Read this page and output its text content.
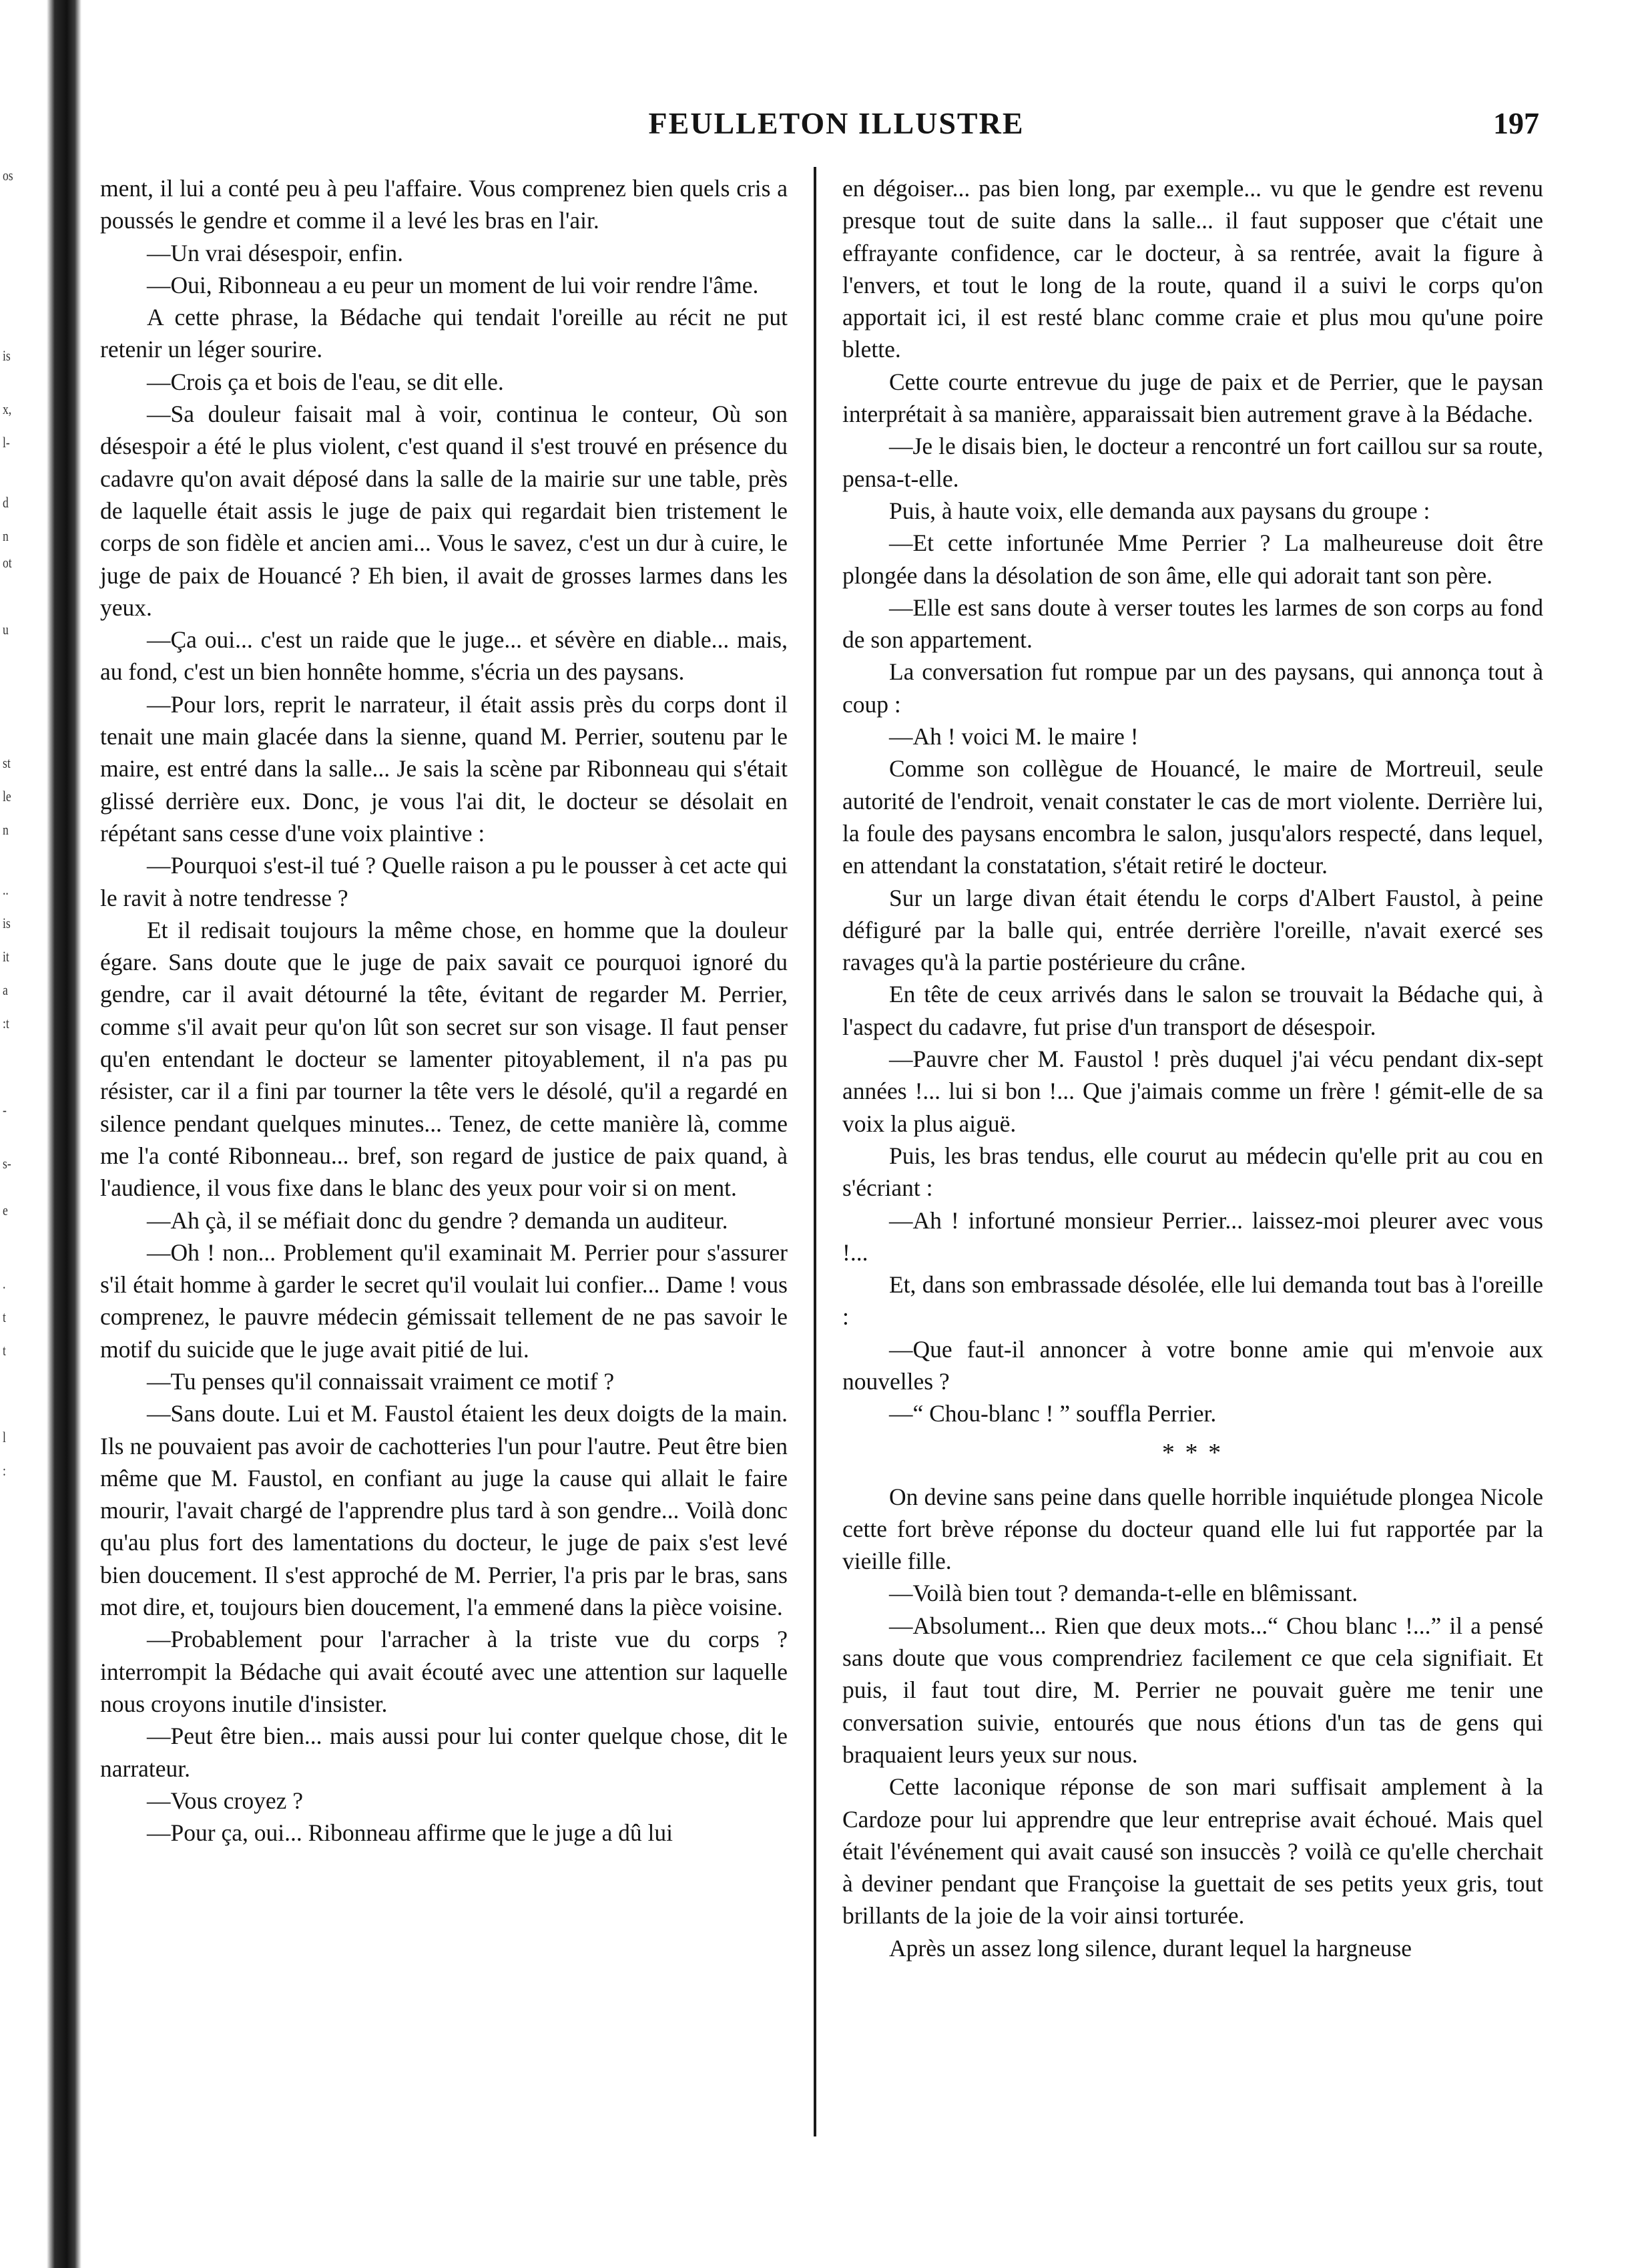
os
is
x,
l-
d
n
ot
u
st
le
n
..
is
it
a
:t
-
s-
e
.
t
t
l
:
FEULLETON ILLUSTRE	197

ment, il lui a conté peu à peu l'affaire. Vous comprenez bien quels cris a poussés le gendre et comme il a levé les bras en l'air.

—Un vrai désespoir, enfin.

—Oui, Ribonneau a eu peur un moment de lui voir rendre l'âme.

A cette phrase, la Bédache qui tendait l'oreille au récit ne put retenir un léger sourire.

—Crois ça et bois de l'eau, se dit elle.

—Sa douleur faisait mal à voir, continua le conteur, Où son désespoir a été le plus violent, c'est quand il s'est trouvé en présence du cadavre qu'on avait déposé dans la salle de la mairie sur une table, près de laquelle était assis le juge de paix qui regardait bien tristement le corps de son fidèle et ancien ami... Vous le savez, c'est un dur à cuire, le juge de paix de Houancé ? Eh bien, il avait de grosses larmes dans les yeux.

—Ça oui... c'est un raide que le juge... et sévère en diable... mais, au fond, c'est un bien honnête homme, s'écria un des paysans.

—Pour lors, reprit le narrateur, il était assis près du corps dont il tenait une main glacée dans la sienne, quand M. Perrier, soutenu par le maire, est entré dans la salle... Je sais la scène par Ribonneau qui s'était glissé derrière eux. Donc, je vous l'ai dit, le docteur se désolait en répétant sans cesse d'une voix plaintive :

—Pourquoi s'est-il tué ? Quelle raison a pu le pousser à cet acte qui le ravit à notre tendresse ?

Et il redisait toujours la même chose, en homme que la douleur égare. Sans doute que le juge de paix savait ce pourquoi ignoré du gendre, car il avait détourné la tête, évitant de regarder M. Perrier, comme s'il avait peur qu'on lût son secret sur son visage. Il faut penser qu'en entendant le docteur se lamenter pitoyablement, il n'a pas pu résister, car il a fini par tourner la tête vers le désolé, qu'il a regardé en silence pendant quelques minutes... Tenez, de cette manière là, comme me l'a conté Ribonneau... bref, son regard de justice de paix quand, à l'audience, il vous fixe dans le blanc des yeux pour voir si on ment.

—Ah çà, il se méfiait donc du gendre ? demanda un auditeur.

—Oh ! non... Problement qu'il examinait M. Perrier pour s'assurer s'il était homme à garder le secret qu'il voulait lui confier... Dame ! vous comprenez, le pauvre médecin gémissait tellement de ne pas savoir le motif du suicide que le juge avait pitié de lui.

—Tu penses qu'il connaissait vraiment ce motif ?

—Sans doute. Lui et M. Faustol étaient les deux doigts de la main. Ils ne pouvaient pas avoir de cachotteries l'un pour l'autre. Peut être bien même que M. Faustol, en confiant au juge la cause qui allait le faire mourir, l'avait chargé de l'apprendre plus tard à son gendre... Voilà donc qu'au plus fort des lamentations du docteur, le juge de paix s'est levé bien doucement. Il s'est approché de M. Perrier, l'a pris par le bras, sans mot dire, et, toujours bien doucement, l'a emmené dans la pièce voisine.

—Probablement pour l'arracher à la triste vue du corps ? interrompit la Bédache qui avait écouté avec une attention sur laquelle nous croyons inutile d'insister.

—Peut être bien... mais aussi pour lui conter quelque chose, dit le narrateur.

—Vous croyez ?

—Pour ça, oui... Ribonneau affirme que le juge a dû lui

en dégoiser... pas bien long, par exemple... vu que le gendre est revenu presque tout de suite dans la salle... il faut supposer que c'était une effrayante confidence, car le docteur, à sa rentrée, avait la figure à l'envers, et tout le long de la route, quand il a suivi le corps qu'on apportait ici, il est resté blanc comme craie et plus mou qu'une poire blette.

Cette courte entrevue du juge de paix et de Perrier, que le paysan interprétait à sa manière, apparaissait bien autrement grave à la Bédache.

—Je le disais bien, le docteur a rencontré un fort caillou sur sa route, pensa-t-elle.

Puis, à haute voix, elle demanda aux paysans du groupe :

—Et cette infortunée Mme Perrier ? La malheureuse doit être plongée dans la désolation de son âme, elle qui adorait tant son père.

—Elle est sans doute à verser toutes les larmes de son corps au fond de son appartement.

La conversation fut rompue par un des paysans, qui annonça tout à coup :

—Ah ! voici M. le maire !

Comme son collègue de Houancé, le maire de Mortreuil, seule autorité de l'endroit, venait constater le cas de mort violente. Derrière lui, la foule des paysans encombra le salon, jusqu'alors respecté, dans lequel, en attendant la constatation, s'était retiré le docteur.

Sur un large divan était étendu le corps d'Albert Faustol, à peine défiguré par la balle qui, entrée derrière l'oreille, n'avait exercé ses ravages qu'à la partie postérieure du crâne.

En tête de ceux arrivés dans le salon se trouvait la Bédache qui, à l'aspect du cadavre, fut prise d'un transport de désespoir.

—Pauvre cher M. Faustol ! près duquel j'ai vécu pendant dix-sept années !... lui si bon !... Que j'aimais comme un frère ! gémit-elle de sa voix la plus aiguë.

Puis, les bras tendus, elle courut au médecin qu'elle prit au cou en s'écriant :

—Ah ! infortuné monsieur Perrier... laissez-moi pleurer avec vous !...

Et, dans son embrassade désolée, elle lui demanda tout bas à l'oreille :

—Que faut-il annoncer à votre bonne amie qui m'envoie aux nouvelles ?

—“ Chou-blanc ! ” souffla Perrier.

* * *

On devine sans peine dans quelle horrible inquiétude plongea Nicole cette fort brève réponse du docteur quand elle lui fut rapportée par la vieille fille.

—Voilà bien tout ? demanda-t-elle en blêmissant.

—Absolument... Rien que deux mots...“ Chou blanc !...” il a pensé sans doute que vous comprendriez facilement ce que cela signifiait. Et puis, il faut tout dire, M. Perrier ne pouvait guère me tenir une conversation suivie, entourés que nous étions d'un tas de gens qui braquaient leurs yeux sur nous.

Cette laconique réponse de son mari suffisait amplement à la Cardoze pour lui apprendre que leur entreprise avait échoué. Mais quel était l'événement qui avait causé son insuccès ? voilà ce qu'elle cherchait à deviner pendant que Françoise la guettait de ses petits yeux gris, tout brillants de la joie de la voir ainsi torturée.

Après un assez long silence, durant lequel la hargneuse
